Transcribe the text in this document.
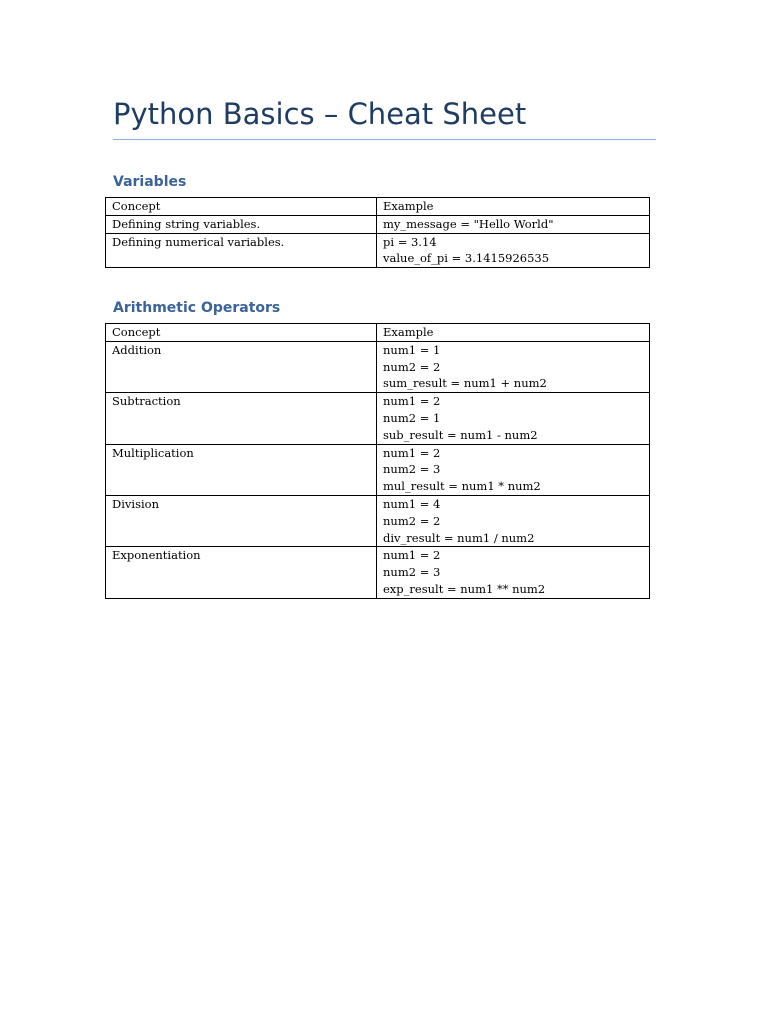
Python Basics – Cheat Sheet
Variables
Concept	Example
Defining string variables.	my_message = "Hello World"

Defining numerical variables.	pi = 3.14
value_of_pi = 3.1415926535
Arithmetic Operators
Concept	Example
Addition	num1 = 1
num2 = 2
sum_result = num1 + num2

Subtraction	num1 = 2
num2 = 1
sub_result = num1 - num2

Multiplication	num1 = 2
num2 = 3
mul_result = num1 * num2

Division	num1 = 4
num2 = 2
div_result = num1 / num2

Exponentiation	num1 = 2
num2 = 3
exp_result = num1 ** num2
